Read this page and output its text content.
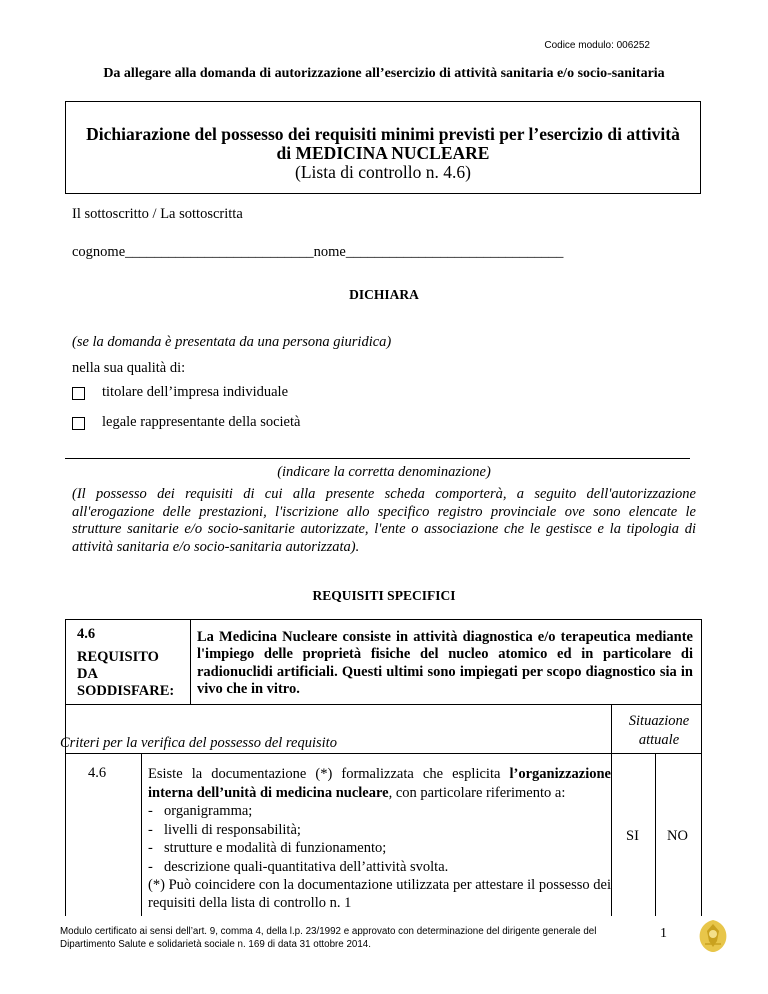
Codice modulo: 006252
Da allegare alla domanda di autorizzazione all’esercizio di attività sanitaria e/o socio-sanitaria
Dichiarazione del possesso dei requisiti minimi previsti per l’esercizio di attività
di MEDICINA NUCLEARE
(Lista di controllo n. 4.6)
Il sottoscritto / La sottoscritta
cognome__________________________nome______________________________
DICHIARA
(se la domanda è presentata da una persona giuridica)
nella sua qualità di:
titolare dell’impresa individuale
legale rappresentante della società
(indicare la corretta denominazione)
(Il possesso dei requisiti di cui alla presente scheda comporterà, a seguito dell'autorizzazione all'erogazione delle prestazioni, l'iscrizione allo specifico registro provinciale ove sono elencate le strutture sanitarie e/o socio-sanitarie autorizzate, l'ente o associazione che le gestisce e la tipologia di attività sanitaria e/o socio-sanitaria autorizzata).
REQUISITI SPECIFICI
4.6
REQUISITO
DA
SODDISFARE:
La Medicina Nucleare consiste in attività diagnostica e/o terapeutica mediante l'impiego delle proprietà fisiche del nucleo atomico ed in particolare di radionuclidi artificiali. Questi ultimi sono impiegati per scopo diagnostico sia in vivo che in vitro.
Criteri per la verifica del possesso del requisito
Situazione
attuale
4.6	Esiste la documentazione (*) formalizzata che esplicita l’organizzazione interna dell’unità di medicina nucleare, con particolare riferimento a:
- organigramma;
- livelli di responsabilità;
- strutture e modalità di funzionamento;
- descrizione quali-quantitativa dell’attività svolta.
(*) Può coincidere con la documentazione utilizzata per attestare il possesso dei requisiti della lista di controllo n. 1
SI NO
Modulo certificato ai sensi dell’art. 9, comma 4, della l.p. 23/1992 e approvato con determinazione del dirigente generale del Dipartimento Salute e solidarietà sociale n. 169 di data 31 ottobre 2014.
1
